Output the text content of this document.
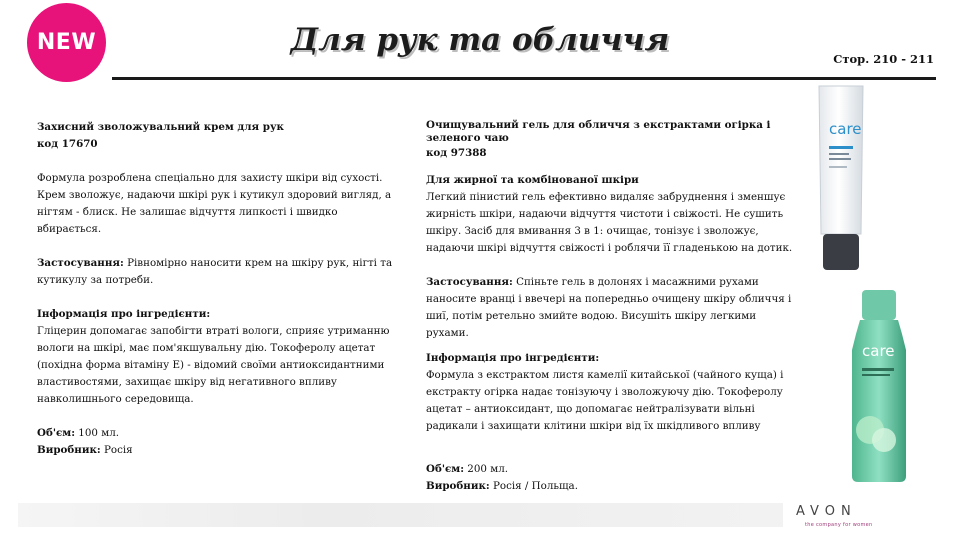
NEW	Для рук та обличчя
Стор. 210 - 211

Захисний зволожувальний крем для рук

код 17670

Формула розроблена спеціально для захисту шкіри від сухості.

Крем зволожує, надаючи шкірі рук і кутикул здоровий вигляд, а

нігтям - блиск. Не залишає відчуття липкості і швидко

вбирається.

Застосування: Рівномірно наносити крем на шкіру рук, нігті та

кутикулу за потреби.

Інформація про інгредієнти:

Гліцерин допомагає запобігти втраті вологи, сприяє утриманню

вологи на шкірі, має пом'якшувальну дію. Токоферолу ацетат

(похідна форма вітаміну Е) - відомий своїми антиоксидантними

властивостями, захищає шкіру від негативного впливу

навколишнього середовища.

Об'єм: 100 мл.

Виробник: Росія

Очищувальний гель для обличчя з екстрактами огірка і

зеленого чаю

код 97388

Для жирної та комбінованої шкіри

Легкий пінистий гель ефективно видаляє забруднення і зменшує

жирність шкіри, надаючи відчуття чистоти і свіжості. Не сушить

шкіру. Засіб для вмивання 3 в 1: очищає, тонізує і зволожує,

надаючи шкірі відчуття свіжості і роблячи її гладенькою на дотик.

Застосування: Спіньте гель в долонях і масажними рухами

наносите вранці і ввечері на попередньо очищену шкіру обличчя і

шиї, потім ретельно змийте водою. Висушіть шкіру легкими

рухами.

Інформація про інгредієнти:

Формула з екстрактом листя камелії китайської (чайного куща) і

екстракту огірка надає тонізуючу і зволожуючу дію. Токоферолу

ацетат – антиоксидант, що допомагає нейтралізувати вільні

радикали і захищати клітини шкіри від їх шкідливого впливу

Об'єм: 200 мл.

Виробник: Росія / Польща.

care
care
AVON
the company for women
